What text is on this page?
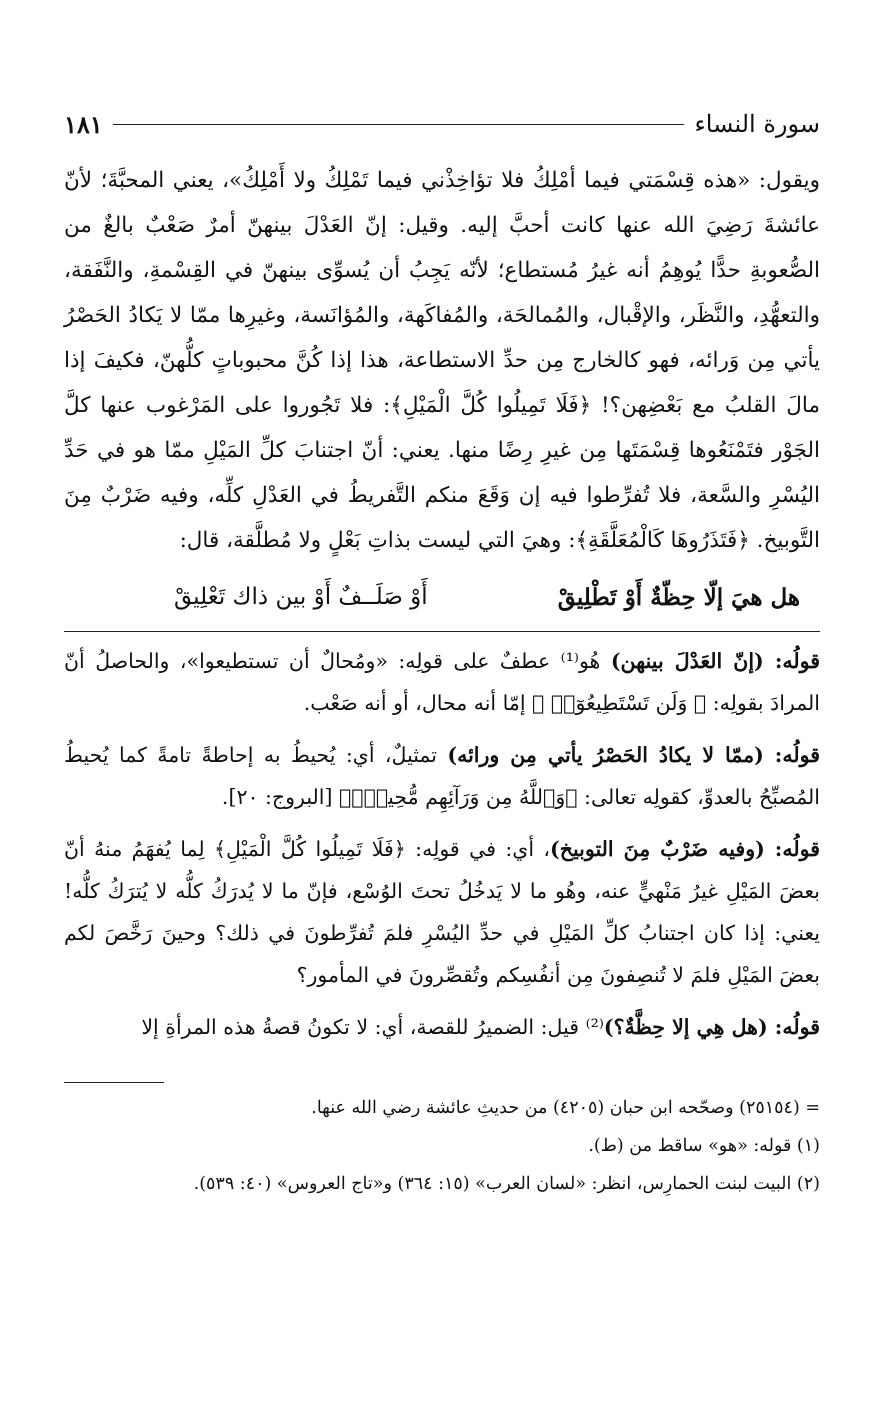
سورة النساء
١٨١
ويقول: «هذه قِسْمَتي فيما أمْلِكُ فلا تؤاخِذْني فيما تَمْلِكُ ولا أَمْلِكُ»، يعني المحبَّةَ؛ لأنّ عائشةَ رَضِيَ الله عنها كانت أحبَّ إليه. وقيل: إنّ العَدْلَ بينهنّ أمرٌ صَعْبٌ بالغٌ من الصُّعوبةِ حدًّا يُوهِمُ أنه غيرُ مُستطاع؛ لأنّه يَجِبُ أن يُسوِّى بينهنّ في القِسْمةِ، والنَّفَقة، والتعهُّدِ، والنَّظَر، والإقْبال، والمُمالحَة، والمُفاكَهة، والمُؤانَسة، وغيرِها ممّا لا يَكادُ الحَصْرُ يأتي مِن وَرائه، فهو كالخارج مِن حدِّ الاستطاعة، هذا إذا كُنَّ محبوباتٍ كلُّهنّ، فكيفَ إذا مالَ القلبُ مع بَعْضِهن؟! ﴿فَلَا تَمِيلُوا كُلَّ الْمَيْلِ﴾: فلا تَجُوروا على المَرْغوب عنها كلَّ الجَوْر فتَمْنَعُوها قِسْمَتَها مِن غيرِ رِضًا منها. يعني: أنّ اجتنابَ كلِّ المَيْلِ ممّا هو في حَدِّ اليُسْرِ والسَّعة، فلا تُفرِّطوا فيه إن وَقَعَ منكم التَّفريطُ في العَدْلِ كلِّه، وفيه ضَرْبٌ مِنَ التَّوبيخ. ﴿فَتَذَرُوهَا كَالْمُعَلَّقَةِ﴾: وهيَ التي ليست بذاتِ بَعْلٍ ولا مُطلَّقة، قال:
هل هيَ إلّا حِظّةٌ أَوْ تَطْلِيقْ
أَوْ صَلَــفٌ أَوْ بين ذاك تَعْلِيقْ

قولُه: (إنّ العَدْلَ بينهن) هُو⁽¹⁾ عطفٌ على قولِه: «ومُحالٌ أن تستطيعوا»، والحاصلُ أنّ المرادَ بقولِه: ﴿ وَلَن تَسْتَطِيعُوٓا۟ ﴾ إمّا أنه محال، أو أنه صَعْب.

قولُه: (ممّا لا يكادُ الحَصْرُ يأتي مِن ورائه) تمثيلٌ، أي: يُحيطُ به إحاطةً تامةً كما يُحيطُ المُصبِّحُ بالعدوِّ، كقولِه تعالى: ﴿وَٱللَّهُ مِن وَرَآئِهِم مُّحِيطٌۢ﴾ [البروج: ٢٠].

قولُه: (وفيه ضَرْبٌ مِنَ التوبيخ)، أي: في قولِه: ﴿فَلَا تَمِيلُوا كُلَّ الْمَيْلِ﴾ لِما يُفهَمُ منهُ أنّ بعضَ المَيْلِ غيرُ مَنْهيٍّ عنه، وهُو ما لا يَدخُلُ تحتَ الوُسْع، فإنّ ما لا يُدرَكُ كلُّه لا يُترَكُ كلُّه! يعني: إذا كان اجتنابُ كلِّ المَيْلِ في حدِّ اليُسْرِ فلمَ تُفرِّطونَ في ذلك؟ وحينَ رَخَّصَ لكم بعضَ المَيْلِ فلمَ لا تُنصِفونَ مِن أنفُسِكم وتُقصِّرونَ في المأمور؟

قولُه: (هل هِي إلا حِظَّةٌ؟)⁽²⁾ قيل: الضميرُ للقصة، أي: لا تكونُ قصةُ هذه المرأةِ إلا

= (٢٥١٥٤) وصحّحه ابن حبان (٤٢٠٥) من حديثِ عائشة رضي الله عنها.
(١) قوله: «هو» ساقط من (ط).
(٢) البيت لبنت الحمارِس، انظر: «لسان العرب» (١٥: ٣٦٤) و«تاج العروس» (٤٠: ٥٣٩).
